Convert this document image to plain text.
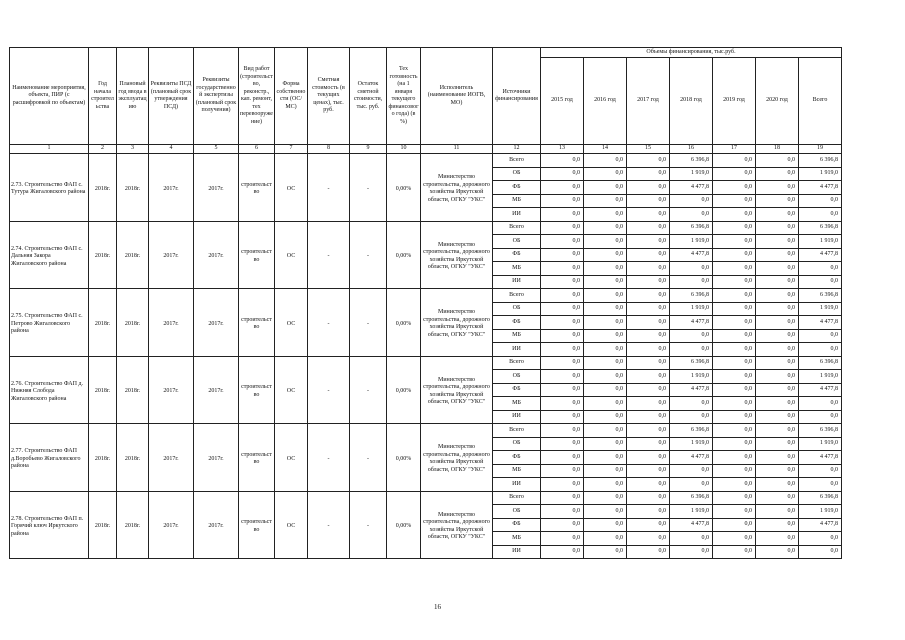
Наименование мероприятия, объекта, ПИР (с расшифровкой по объектам)	Год начала строительства	Плановый год ввода в эксплуатацию	Реквизиты ПСД (плановый срок утверждения ПСД)	Реквизиты государственной экспертизы (плановый срок получения)	Вид работ (строительство, реконстр., кап. ремонт, тех перевооружение)	Форма собственности (ОС/МС)	Сметная стоимость (в текущих ценах), тыс. руб.	Остаток сметной стоимости, тыс. руб.	Тех готовность (на 1 января текущего финансового года) (в %)	Исполнитель (наименование ИОГВ, МО)	Источники финансирования	Объемы финансирования, тыс.руб.						
												2015 год	2016 год	2017 год	2018 год	2019 год	2020 год	Всего
1	2	3	4	5	6	7	8	9	10	11	12	13	14	15	16	17	18	19
2.73. Строительство ФАП с. Тутура Жигаловского района	2018г.	2018г.	2017г.	2017г.	строительство	ОС	-	-	0,00%	Министерство строительства, дорожного хозяйства Иркутской области, ОГКУ "УКС"	Всего	0,0	0,0	0,0	6 396,8	0,0	0,0	6 396,8
											ОБ	0,0	0,0	0,0	1 919,0	0,0	0,0	1 919,0
											ФБ	0,0	0,0	0,0	4 477,8	0,0	0,0	4 477,8
											МБ	0,0	0,0	0,0	0,0	0,0	0,0	0,0
											ИИ	0,0	0,0	0,0	0,0	0,0	0,0	0,0
2.74. Строительство ФАП с. Дальняя Закора Жигаловского района	2018г.	2018г.	2017г.	2017г.	строительство	ОС	-	-	0,00%	Министерство строительства, дорожного хозяйства Иркутской области, ОГКУ "УКС"	Всего	0,0	0,0	0,0	6 396,8	0,0	0,0	6 396,8
											ОБ	0,0	0,0	0,0	1 919,0	0,0	0,0	1 919,0
											ФБ	0,0	0,0	0,0	4 477,8	0,0	0,0	4 477,8
											МБ	0,0	0,0	0,0	0,0	0,0	0,0	0,0
											ИИ	0,0	0,0	0,0	0,0	0,0	0,0	0,0
2.75. Строительство ФАП с. Петрово Жигаловского района	2018г.	2018г.	2017г.	2017г.	строительство	ОС	-	-	0,00%	Министерство строительства, дорожного хозяйства Иркутской области, ОГКУ "УКС"	Всего	0,0	0,0	0,0	6 396,8	0,0	0,0	6 396,8
											ОБ	0,0	0,0	0,0	1 919,0	0,0	0,0	1 919,0
											ФБ	0,0	0,0	0,0	4 477,8	0,0	0,0	4 477,8
											МБ	0,0	0,0	0,0	0,0	0,0	0,0	0,0
											ИИ	0,0	0,0	0,0	0,0	0,0	0,0	0,0
2.76. Строительство ФАП д. Нижняя Слобода Жигаловского района	2018г.	2018г.	2017г.	2017г.	строительство	ОС	-	-	0,00%	Министерство строительства, дорожного хозяйства Иркутской области, ОГКУ "УКС"	Всего	0,0	0,0	0,0	6 396,8	0,0	0,0	6 396,8
											ОБ	0,0	0,0	0,0	1 919,0	0,0	0,0	1 919,0
											ФБ	0,0	0,0	0,0	4 477,8	0,0	0,0	4 477,8
											МБ	0,0	0,0	0,0	0,0	0,0	0,0	0,0
											ИИ	0,0	0,0	0,0	0,0	0,0	0,0	0,0
2.77. Строительство ФАП д.Воробьево Жигаловского района	2018г.	2018г.	2017г.	2017г.	строительство	ОС	-	-	0,00%	Министерство строительства, дорожного хозяйства Иркутской области, ОГКУ "УКС"	Всего	0,0	0,0	0,0	6 396,8	0,0	0,0	6 396,8
											ОБ	0,0	0,0	0,0	1 919,0	0,0	0,0	1 919,0
											ФБ	0,0	0,0	0,0	4 477,8	0,0	0,0	4 477,8
											МБ	0,0	0,0	0,0	0,0	0,0	0,0	0,0
											ИИ	0,0	0,0	0,0	0,0	0,0	0,0	0,0
2.78. Строительство ФАП п. Горячий ключ Иркутского района	2018г.	2018г.	2017г.	2017г.	строительство	ОС	-	-	0,00%	Министерство строительства, дорожного хозяйства Иркутской области, ОГКУ "УКС"	Всего	0,0	0,0	0,0	6 396,8	0,0	0,0	6 396,8
											ОБ	0,0	0,0	0,0	1 919,0	0,0	0,0	1 919,0
											ФБ	0,0	0,0	0,0	4 477,8	0,0	0,0	4 477,8
											МБ	0,0	0,0	0,0	0,0	0,0	0,0	0,0
											ИИ	0,0	0,0	0,0	0,0	0,0	0,0	0,0
16
